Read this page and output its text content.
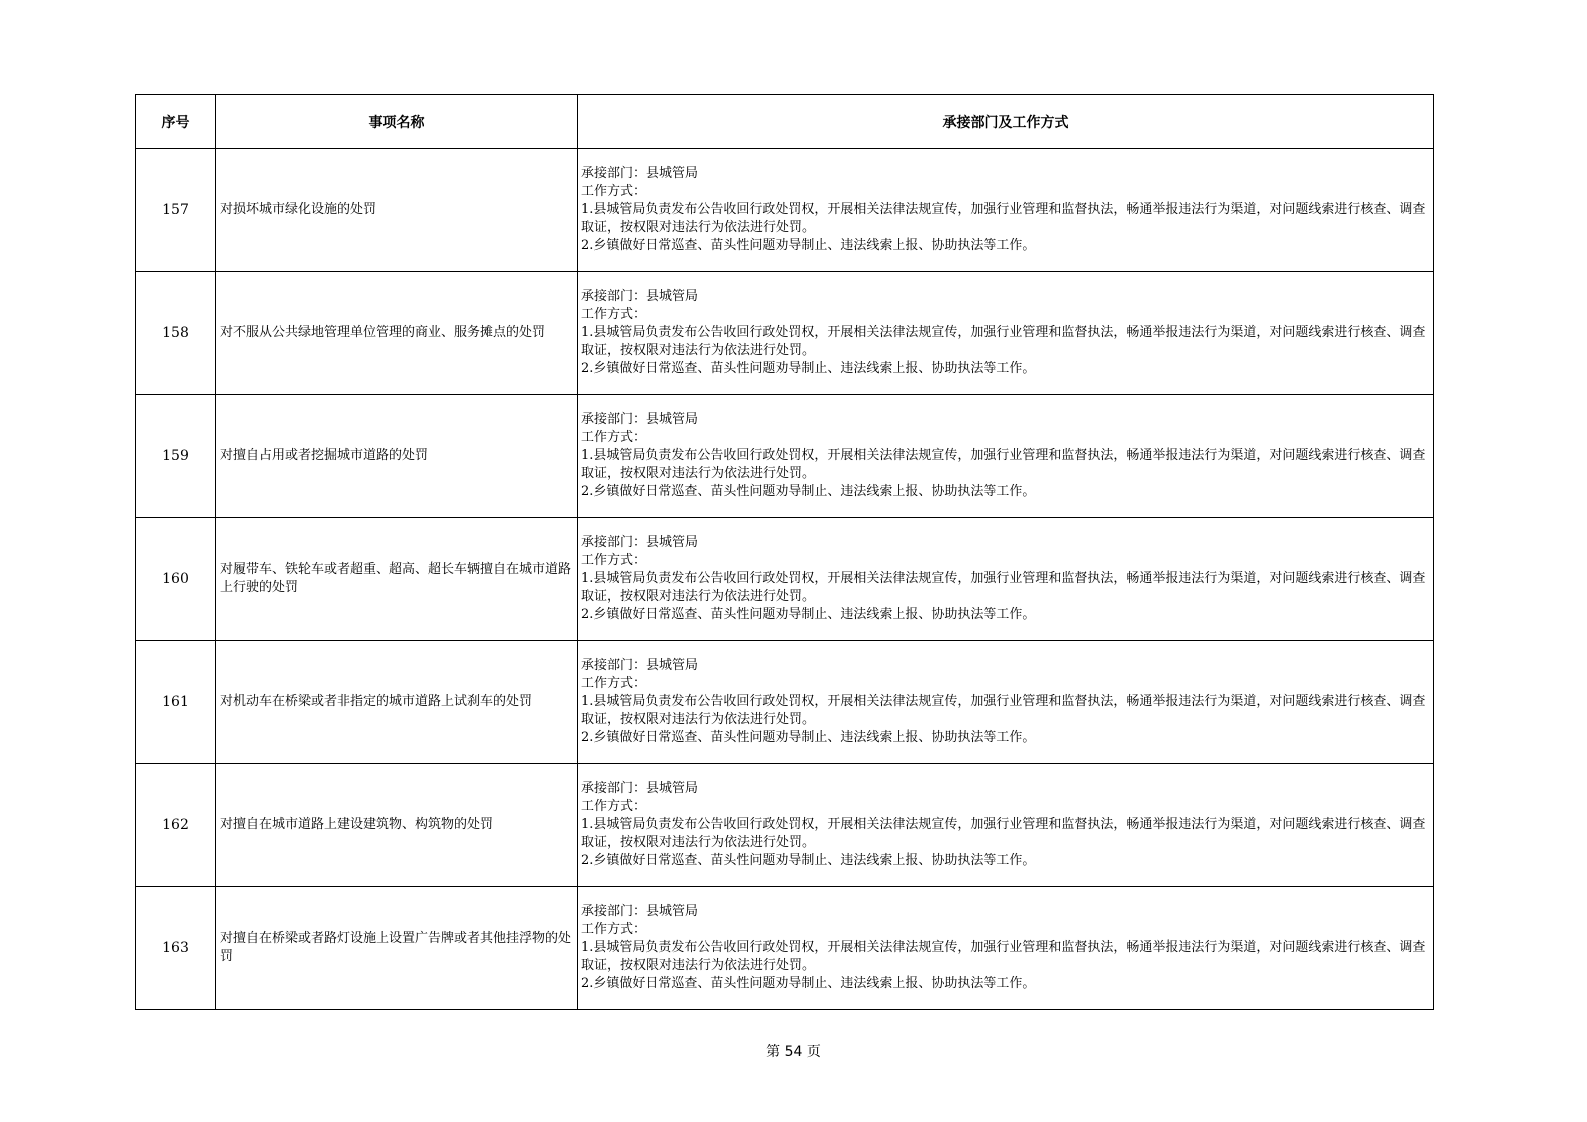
序号	事项名称	承接部门及工作方式
157	对损坏城市绿化设施的处罚	承接部门：县城管局
工作方式：
1.县城管局负责发布公告收回行政处罚权，开展相关法律法规宣传，加强行业管理和监督执法，畅通举报违法行为渠道，对问题线索进行核查、调查取证，按权限对违法行为依法进行处罚。
2.乡镇做好日常巡查、苗头性问题劝导制止、违法线索上报、协助执法等工作。

158	对不服从公共绿地管理单位管理的商业、服务摊点的处罚	承接部门：县城管局
工作方式：
1.县城管局负责发布公告收回行政处罚权，开展相关法律法规宣传，加强行业管理和监督执法，畅通举报违法行为渠道，对问题线索进行核查、调查取证，按权限对违法行为依法进行处罚。
2.乡镇做好日常巡查、苗头性问题劝导制止、违法线索上报、协助执法等工作。

159	对擅自占用或者挖掘城市道路的处罚	承接部门：县城管局
工作方式：
1.县城管局负责发布公告收回行政处罚权，开展相关法律法规宣传，加强行业管理和监督执法，畅通举报违法行为渠道，对问题线索进行核查、调查取证，按权限对违法行为依法进行处罚。
2.乡镇做好日常巡查、苗头性问题劝导制止、违法线索上报、协助执法等工作。

160	对履带车、铁轮车或者超重、超高、超长车辆擅自在城市道路上行驶的处罚	承接部门：县城管局
工作方式：
1.县城管局负责发布公告收回行政处罚权，开展相关法律法规宣传，加强行业管理和监督执法，畅通举报违法行为渠道，对问题线索进行核查、调查取证，按权限对违法行为依法进行处罚。
2.乡镇做好日常巡查、苗头性问题劝导制止、违法线索上报、协助执法等工作。

161	对机动车在桥梁或者非指定的城市道路上试刹车的处罚	承接部门：县城管局
工作方式：
1.县城管局负责发布公告收回行政处罚权，开展相关法律法规宣传，加强行业管理和监督执法，畅通举报违法行为渠道，对问题线索进行核查、调查取证，按权限对违法行为依法进行处罚。
2.乡镇做好日常巡查、苗头性问题劝导制止、违法线索上报、协助执法等工作。

162	对擅自在城市道路上建设建筑物、构筑物的处罚	承接部门：县城管局
工作方式：
1.县城管局负责发布公告收回行政处罚权，开展相关法律法规宣传，加强行业管理和监督执法，畅通举报违法行为渠道，对问题线索进行核查、调查取证，按权限对违法行为依法进行处罚。
2.乡镇做好日常巡查、苗头性问题劝导制止、违法线索上报、协助执法等工作。

163	对擅自在桥梁或者路灯设施上设置广告牌或者其他挂浮物的处罚	承接部门：县城管局
工作方式：
1.县城管局负责发布公告收回行政处罚权，开展相关法律法规宣传，加强行业管理和监督执法，畅通举报违法行为渠道，对问题线索进行核查、调查取证，按权限对违法行为依法进行处罚。
2.乡镇做好日常巡查、苗头性问题劝导制止、违法线索上报、协助执法等工作。
第 54 页
